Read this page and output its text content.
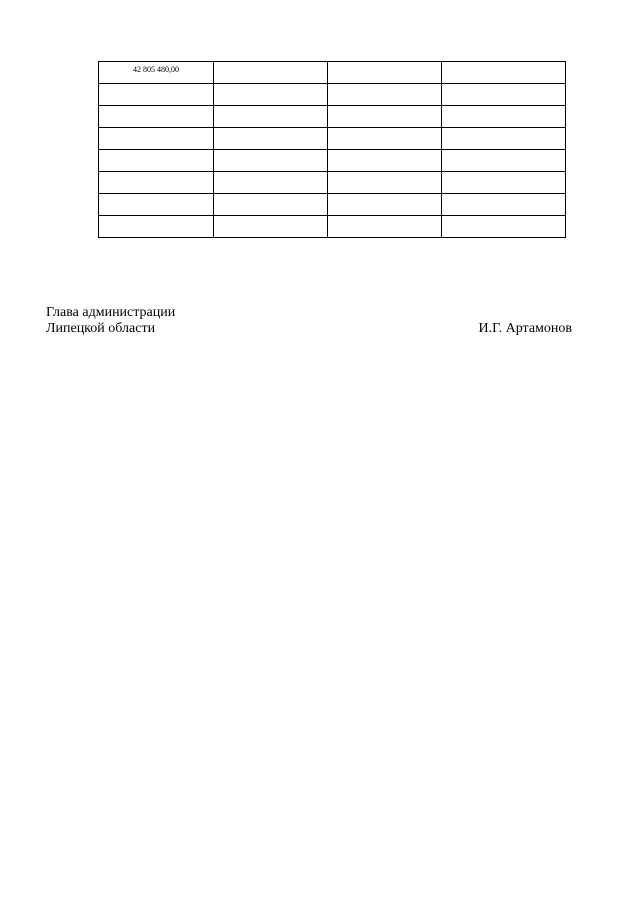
42 805 480,00			

Глава администрации
Липецкой области	И.Г. Артамонов
